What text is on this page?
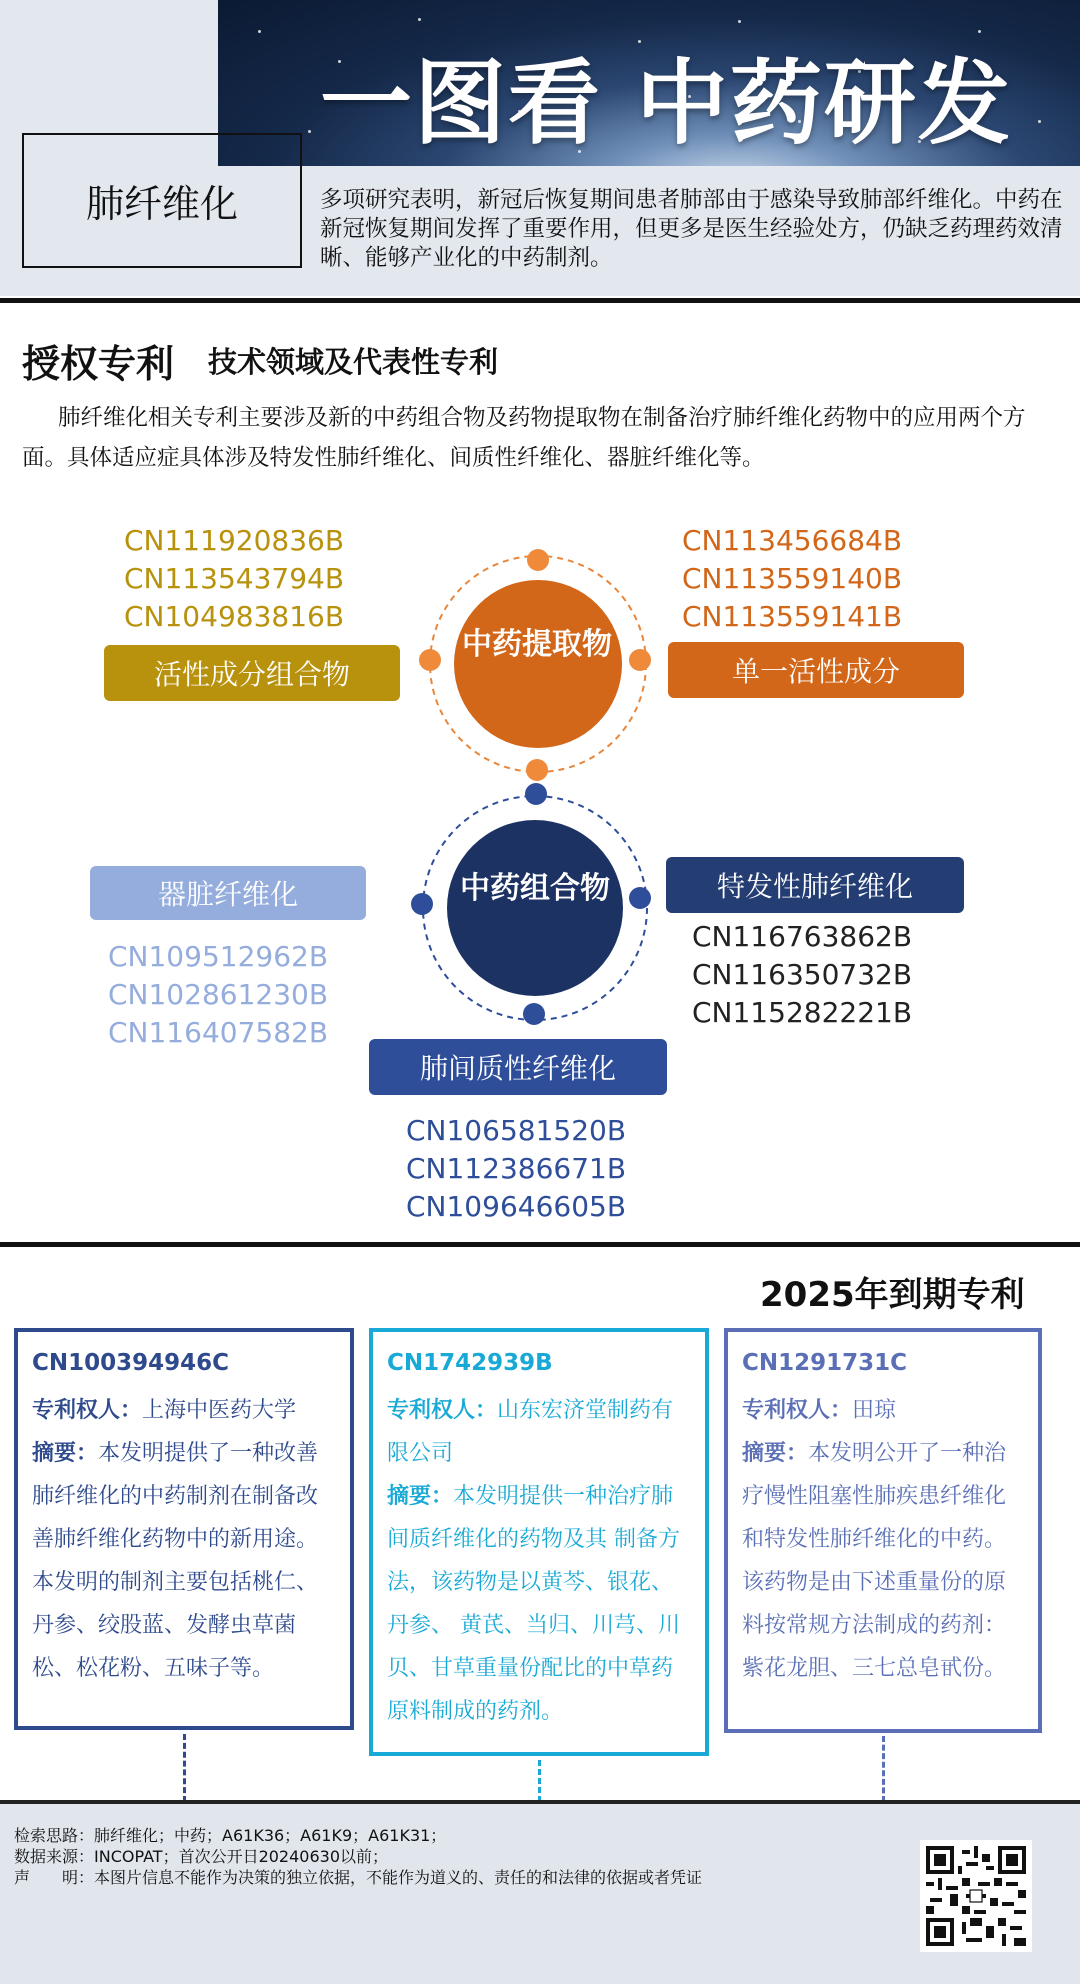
一图看 中药研发
肺纤维化	多项研究表明，新冠后恢复期间患者肺部由于感染导致肺部纤维化。中药在新冠恢复期间发挥了重要作用，但更多是医生经验处方，仍缺乏药理药效清晰、能够产业化的中药制剂。
授权专利 技术领域及代表性专利
肺纤维化相关专利主要涉及新的中药组合物及药物提取物在制备治疗肺纤维化药物中的应用两个方面。具体适应症具体涉及特发性肺纤维化、间质性纤维化、器脏纤维化等。
中药提取物
中药组合物
CN111920836B
CN113543794B
CN104983816B
活性成分组合物
CN113456684B
CN113559140B
CN113559141B
单一活性成分
器脏纤维化
CN109512962B
CN102861230B
CN116407582B
特发性肺纤维化
CN116763862B
CN116350732B
CN115282221B
肺间质性纤维化
CN106581520B
CN112386671B
CN109646605B
2025年到期专利
CN100394946C
专利权人：上海中医药大学
摘要：本发明提供了一种改善肺纤维化的中药制剂在制备改善肺纤维化药物中的新用途。本发明的制剂主要包括桃仁、丹参、绞股蓝、发酵虫草菌松、松花粉、五味子等。
CN1742939B
专利权人：山东宏济堂制药有限公司
摘要：本发明提供一种治疗肺间质纤维化的药物及其 制备方法，该药物是以黄芩、银花、丹参、 黄芪、当归、川芎、川贝、甘草重量份配比的中草药原料制成的药剂。
CN1291731C
专利权人：田琼
摘要：本发明公开了一种治疗慢性阻塞性肺疾患纤维化和特发性肺纤维化的中药。该药物是由下述重量份的原料按常规方法制成的药剂：紫花龙胆、三七总皂甙份。
检索思路：肺纤维化；中药；A61K36；A61K9；A61K31；
数据来源：INCOPAT；首次公开日20240630以前；
声　　明：本图片信息不能作为决策的独立依据，不能作为道义的、责任的和法律的依据或者凭证
